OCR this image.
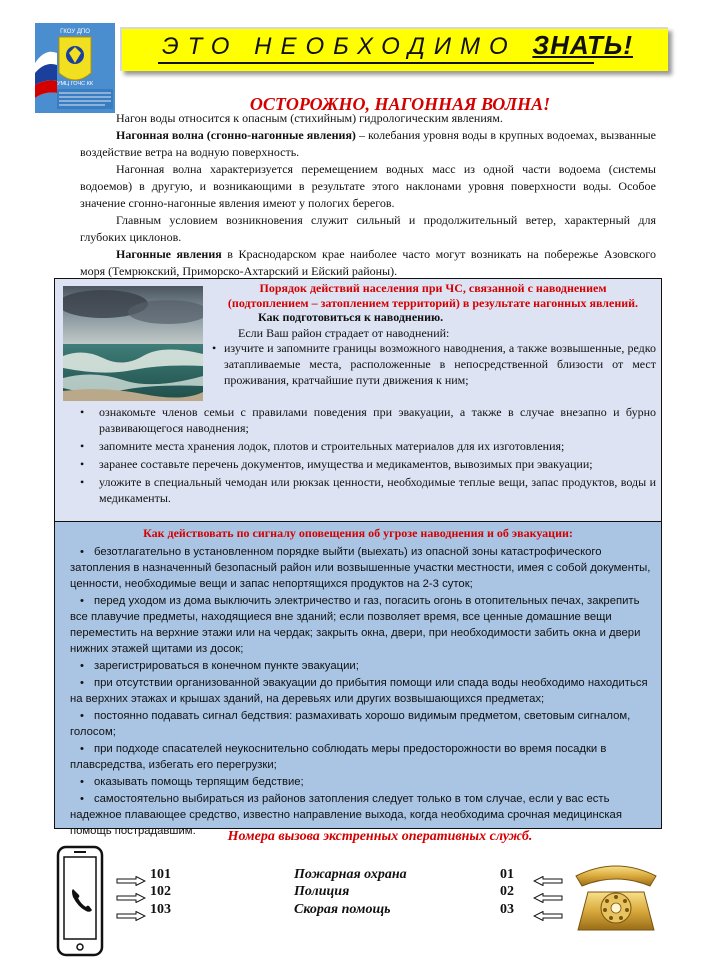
ГКОУ ДПО
УМЦ ГОЧС КК
ЭТО НЕОБХОДИМО ЗНАТЬ!
ОСТОРОЖНО, НАГОННАЯ ВОЛНА!

Нагон воды относится к опасным (стихийным) гидрологическим явлениям.

Нагонная волна (сгонно-нагонные явления) – колебания уровня воды в крупных водоемах, вызванные воздействие ветра на водную поверхность.

Нагонная волна характеризуется перемещением водных масс из одной части водоема (системы водоемов) в другую, и возникающими в результате этого наклонами уровня поверхности воды. Особое значение сгонно-нагонные явления имеют у пологих берегов.

Главным условием возникновения служит сильный и продолжительный ветер, характерный для глубоких циклонов.

Нагонные явления в Краснодарском крае наиболее часто могут возникать на побережье Азовского моря (Темрюкский, Приморско-Ахтарский и Ейский районы).

Порядок действий населения при ЧС, связанной с наводнением
(подтоплением – затоплением территорий) в результате нагонных явлений.
Как подготовиться к наводнению.
Если Ваш район страдает от наводнений:
• изучите и запомните границы возможного наводнения, а также возвышенные, редко затапливаемые места, расположенные в непосредственной близости от мест проживания, кратчайшие пути движения к ним;
• ознакомьте членов семьи с правилами поведения при эвакуации, а также в случае внезапно и бурно развивающегося наводнения;
• запомните места хранения лодок, плотов и строительных материалов для их изготовления;
• заранее составьте перечень документов, имущества и медикаментов, вывозимых при эвакуации;
• уложите в специальный чемодан или рюкзак ценности, необходимые теплые вещи, запас продуктов, воды и медикаменты.
Как действовать по сигналу оповещения об угрозе наводнения и об эвакуации:
• безотлагательно в установленном порядке выйти (выехать) из опасной зоны катастрофического затопления в назначенный безопасный район или возвышенные участки местности, имея с собой документы, ценности, необходимые вещи и запас непортящихся продуктов на 2-3 суток;
• перед уходом из дома выключить электричество и газ, погасить огонь в отопительных печах, закрепить все плавучие предметы, находящиеся вне зданий; если позволяет время, все ценные домашние вещи переместить на верхние этажи или на чердак; закрыть окна, двери, при необходимости забить окна и двери нижних этажей щитами из досок;
• зарегистрироваться в конечном пункте эвакуации;
• при отсутствии организованной эвакуации до прибытия помощи или спада воды необходимо находиться на верхних этажах и крышах зданий, на деревьях или других возвышающихся предметах;
• постоянно подавать сигнал бедствия: размахивать хорошо видимым предметом, световым сигналом, голосом;
• при подходе спасателей неукоснительно соблюдать меры предосторожности во время посадки в плавсредства, избегать его перегрузки;
• оказывать помощь терпящим бедствие;
• самостоятельно выбираться из районов затопления следует только в том случае, если у вас есть надежное плавающее средство, известно направление выхода, когда необходима срочная медицинская помощь пострадавшим.	Номера вызова экстренных оперативных служб.
101	Пожарная охрана	01
102	Полиция	02
103	Скорая помощь	03
